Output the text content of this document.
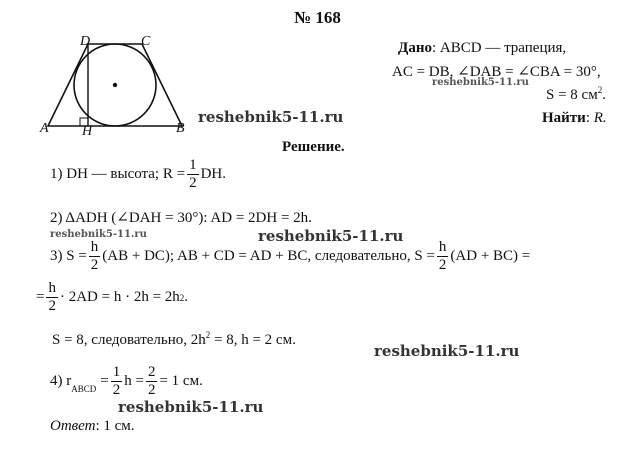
D	C
A H	B
№ 168
Дано: ABCD — трапеция,
AC = DB, ∠DAB = ∠CBA = 30°,
S = 8 $см^2$.
Найти: R.
Решение.
1) DH — высота; $R = \frac{1}{2}$ DH.
2) ΔADH (∠DAH = 30°): AD = 2DH = 2h.
3) $S = \frac{h}{2} (AB + DC)$; AB + CD = AD + BC, следовательно, $S = \frac{h}{2} (AD + BC)$ =
= $\frac{h}{2} \cdot 2AD = h \cdot 2h = 2h$ 2 .
S = 8, следовательно, $2h^2 = 8$, h = 2 см.
4) $r_{ABCD} = \frac{1}{2}$ $h = \frac{2}{2} = 1$ см.
Ответ: 1 см.
reshebnik5-11.ru
reshebnik5-11.ru
reshebnik5-11.ru	reshebnik5-11.ru
reshebnik5-11.ru
reshebnik5-11.ru
